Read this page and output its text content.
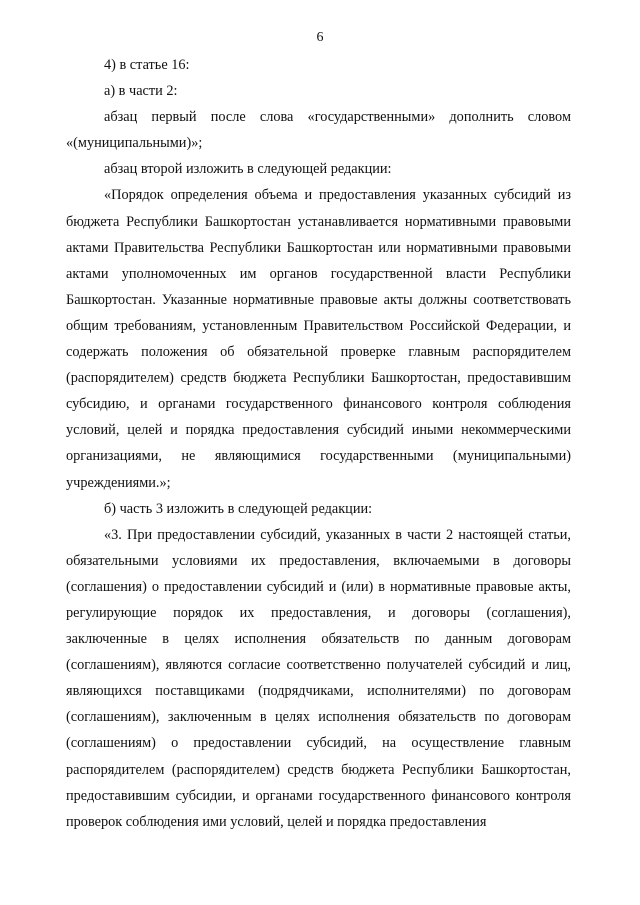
6

4) в статье 16:

а) в части 2:

абзац первый после слова «государственными» дополнить словом «(муниципальными)»;

абзац второй изложить в следующей редакции:

«Порядок определения объема и предоставления указанных субсидий из бюджета Республики Башкортостан устанавливается нормативными правовыми актами Правительства Республики Башкортостан или нормативными правовыми актами уполномоченных им органов государственной власти Республики Башкортостан. Указанные нормативные правовые акты должны соответствовать общим требованиям, установленным Правительством Российской Федерации, и содержать положения об обязательной проверке главным распорядителем (распорядителем) средств бюджета Республики Башкортостан, предоставившим субсидию, и органами государственного финансового контроля соблюдения условий, целей и порядка предоставления субсидий иными некоммерческими организациями, не являющимися государственными (муниципальными) учреждениями.»;

б) часть 3 изложить в следующей редакции:

«3. При предоставлении субсидий, указанных в части 2 настоящей статьи, обязательными условиями их предоставления, включаемыми в договоры (соглашения) о предоставлении субсидий и (или) в нормативные правовые акты, регулирующие порядок их предоставления, и договоры (соглашения), заключенные в целях исполнения обязательств по данным договорам (соглашениям), являются согласие соответственно получателей субсидий и лиц, являющихся поставщиками (подрядчиками, исполнителями) по договорам (соглашениям), заключенным в целях исполнения обязательств по договорам (соглашениям) о предоставлении субсидий, на осуществление главным распорядителем (распорядителем) средств бюджета Республики Башкортостан, предоставившим субсидии, и органами государственного финансового контроля проверок соблюдения ими условий, целей и порядка предоставления
